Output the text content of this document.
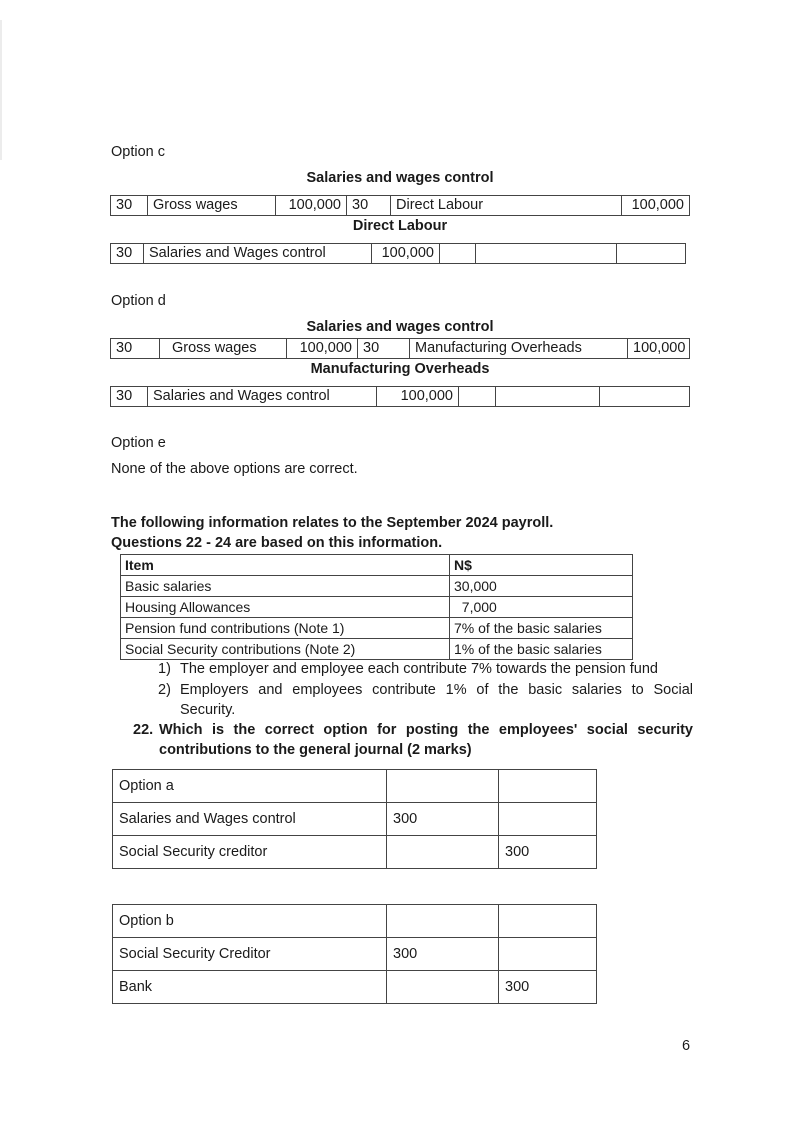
Option c
Salaries and wages control
30	Gross wages	100,000 30	Direct Labour	100,000
Direct Labour
30	Salaries and Wages control	100,000
Option d
Salaries and wages control
30	Gross wages	100,000 30	Manufacturing Overheads	100,000
Manufacturing Overheads
30	Salaries and Wages control	100,000
Option e
None of the above options are correct.
The following information relates to the September 2024 payroll.
Questions 22 - 24 are based on this information.
Item	N$
Basic salaries	30,000
Housing Allowances	7,000
Pension fund contributions (Note 1)	7% of the basic salaries
Social Security contributions (Note 2)	1% of the basic salaries
1) The employer and employee each contribute 7% towards the pension fund
2) Employers and employees contribute 1% of the basic salaries to Social
Security.
22. Which is the correct option for posting the employees' social security
contributions to the general journal (2 marks)
Option a		
Salaries and Wages control	300	
Social Security creditor		300
Option b		
Social Security Creditor	300	
Bank		300
6
